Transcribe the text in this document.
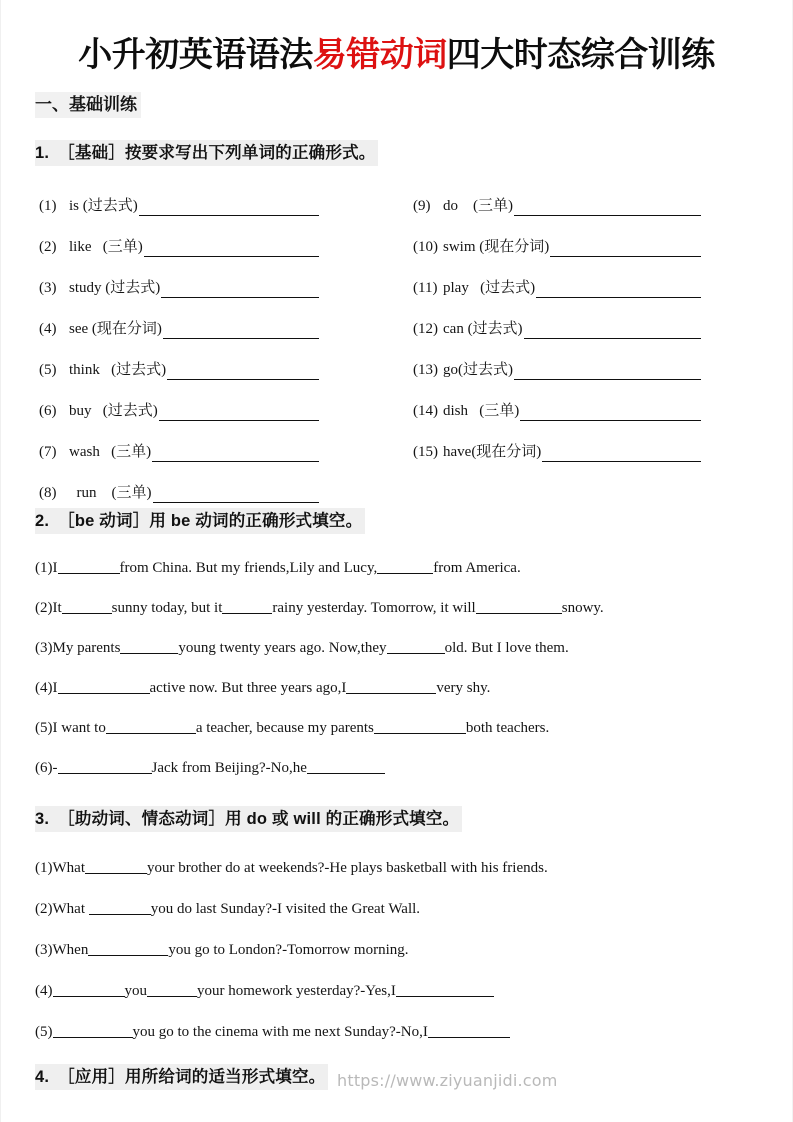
小升初英语语法易错动词四大时态综合训练
一、基础训练
1. ［基础］按要求写出下列单词的正确形式。
(1) is (过去式)
(2) like   (三单)
(3) study (过去式)
(4) see (现在分词)
(5) think   (过去式)
(6) buy   (过去式)
(7) wash   (三单)
(8) run    (三单)
(9) do    (三单)
(10) swim (现在分词)
(11) play   (过去式)
(12) can (过去式)
(13) go(过去式)
(14) dish   (三单)
(15) have(现在分词)
2. ［be 动词］用 be 动词的正确形式填空。
(1)I	from China. But my friends,Lily and Lucy,	from America.
(2)It	sunny today, but it	rainy yesterday. Tomorrow, it will	snowy.
(3)My parents	young twenty years ago. Now,they	old. But I love them.
(4)I	active now. But three years ago,I	very shy.
(5)I want to	a teacher, because my parents	both teachers.
(6)-	Jack from Beijing?-No,he
3. ［助动词、情态动词］用 do 或 will 的正确形式填空。
(1)What	your brother do at weekends?-He plays basketball with his friends.
(2)What	you do last Sunday?-I visited the Great Wall.
(3)When	you go to London?-Tomorrow morning.
(4)	you	your homework yesterday?-Yes,I
(5)	you go to the cinema with me next Sunday?-No,I
4. ［应用］用所给词的适当形式填空。 https://www.ziyuanjidi.com
